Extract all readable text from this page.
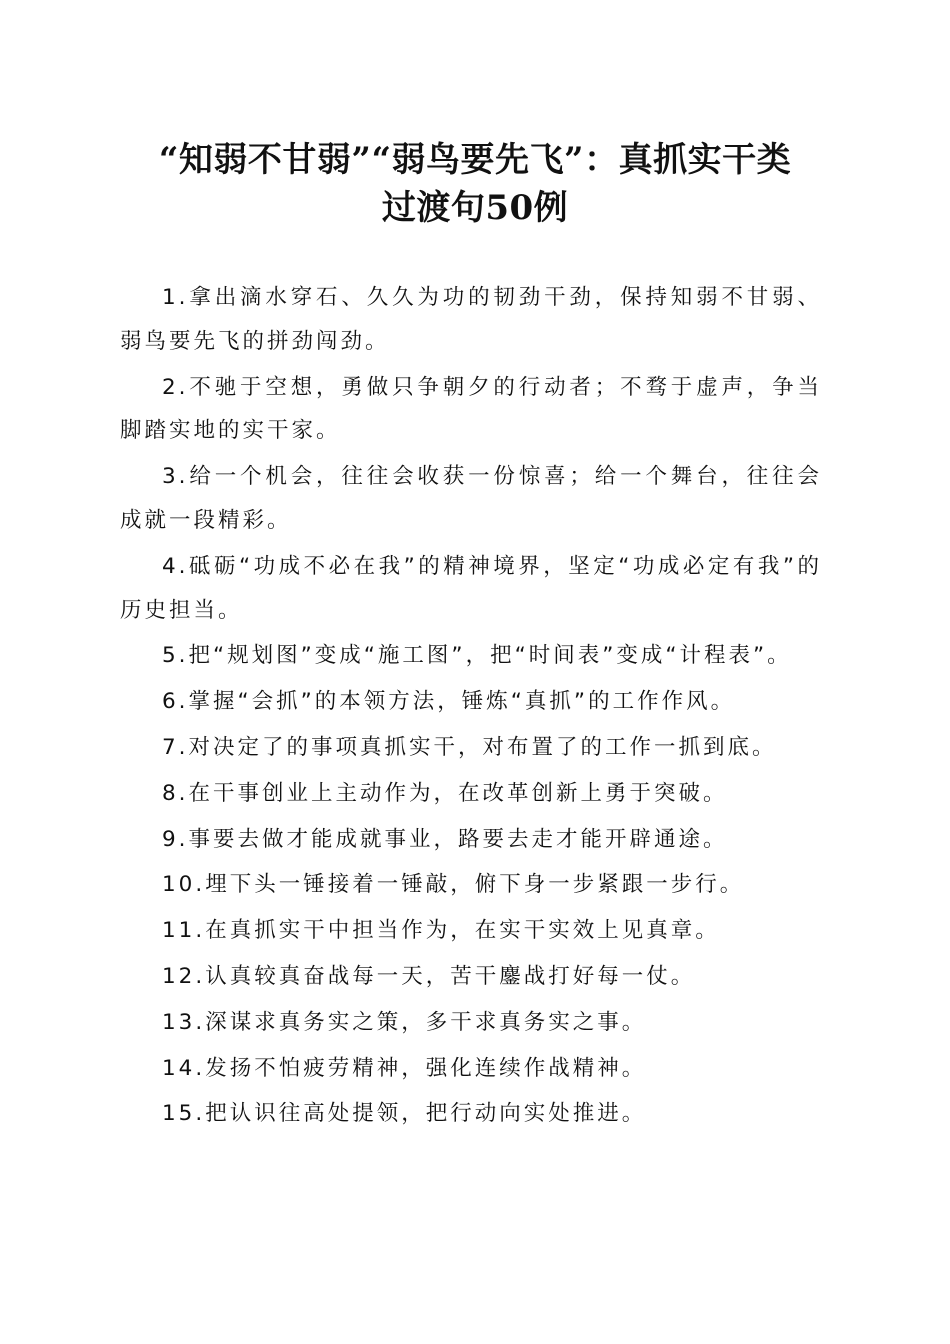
“知弱不甘弱”“弱鸟要先飞”：真抓实干类
过渡句50例
1.拿出滴水穿石、久久为功的韧劲干劲，保持知弱不甘弱、弱鸟要先飞的拼劲闯劲。
2.不驰于空想，勇做只争朝夕的行动者；不骛于虚声，争当脚踏实地的实干家。
3.给一个机会，往往会收获一份惊喜；给一个舞台，往往会成就一段精彩。
4.砥砺“功成不必在我”的精神境界，坚定“功成必定有我”的历史担当。
5.把“规划图”变成“施工图”，把“时间表”变成“计程表”。
6.掌握“会抓”的本领方法，锤炼“真抓”的工作作风。
7.对决定了的事项真抓实干，对布置了的工作一抓到底。
8.在干事创业上主动作为，在改革创新上勇于突破。
9.事要去做才能成就事业，路要去走才能开辟通途。
10.埋下头一锤接着一锤敲，俯下身一步紧跟一步行。
11.在真抓实干中担当作为，在实干实效上见真章。
12.认真较真奋战每一天，苦干鏖战打好每一仗。
13.深谋求真务实之策，多干求真务实之事。
14.发扬不怕疲劳精神，强化连续作战精神。
15.把认识往高处提领，把行动向实处推进。
